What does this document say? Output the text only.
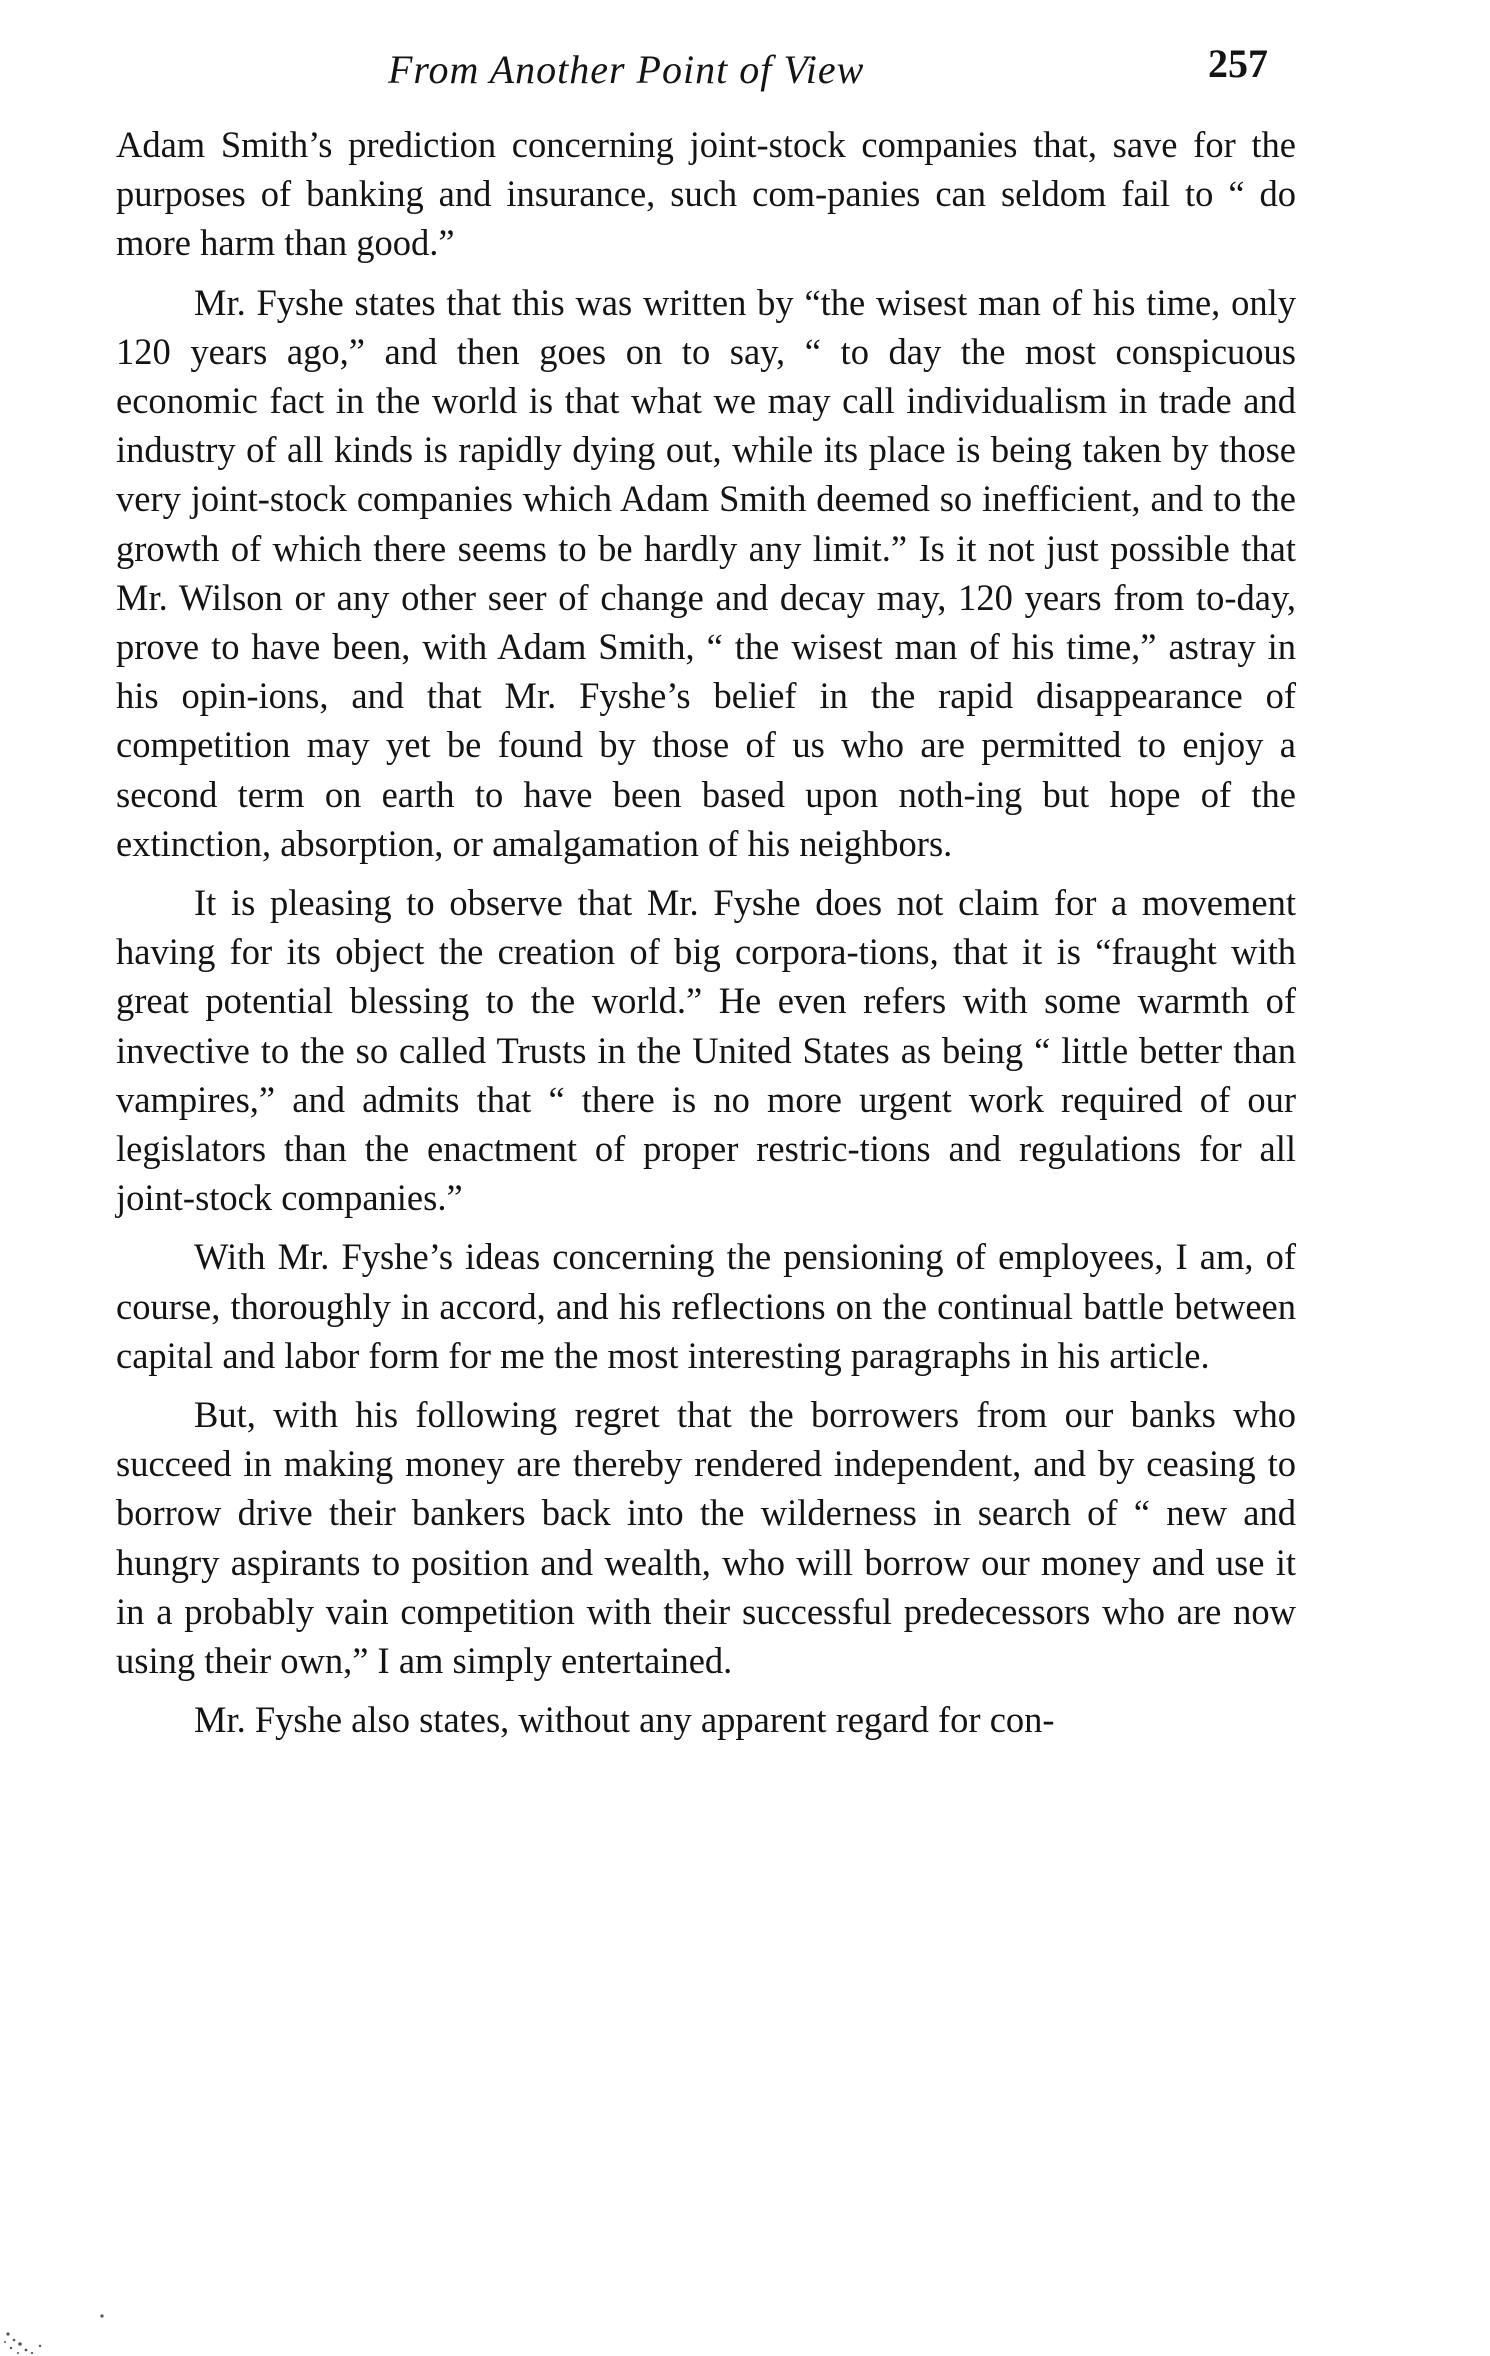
From Another Point of View	257

Adam Smith’s prediction concerning joint-stock companies that, save for the purposes of banking and insurance, such com-panies can seldom fail to “ do more harm than good.”

Mr. Fyshe states that this was written by “the wisest man of his time, only 120 years ago,” and then goes on to say, “ to day the most conspicuous economic fact in the world is that what we may call individualism in trade and industry of all kinds is rapidly dying out, while its place is being taken by those very joint-stock companies which Adam Smith deemed so inefficient, and to the growth of which there seems to be hardly any limit.” Is it not just possible that Mr. Wilson or any other seer of change and decay may, 120 years from to-day, prove to have been, with Adam Smith, “ the wisest man of his time,” astray in his opin-ions, and that Mr. Fyshe’s belief in the rapid disappearance of competition may yet be found by those of us who are permitted to enjoy a second term on earth to have been based upon noth-ing but hope of the extinction, absorption, or amalgamation of his neighbors.

It is pleasing to observe that Mr. Fyshe does not claim for a movement having for its object the creation of big corpora-tions, that it is “fraught with great potential blessing to the world.” He even refers with some warmth of invective to the so called Trusts in the United States as being “ little better than vampires,” and admits that “ there is no more urgent work required of our legislators than the enactment of proper restric-tions and regulations for all joint-stock companies.”

With Mr. Fyshe’s ideas concerning the pensioning of employees, I am, of course, thoroughly in accord, and his reflections on the continual battle between capital and labor form for me the most interesting paragraphs in his article.

But, with his following regret that the borrowers from our banks who succeed in making money are thereby rendered independent, and by ceasing to borrow drive their bankers back into the wilderness in search of “ new and hungry aspirants to position and wealth, who will borrow our money and use it in a probably vain competition with their successful predecessors who are now using their own,” I am simply entertained.

Mr. Fyshe also states, without any apparent regard for con-
